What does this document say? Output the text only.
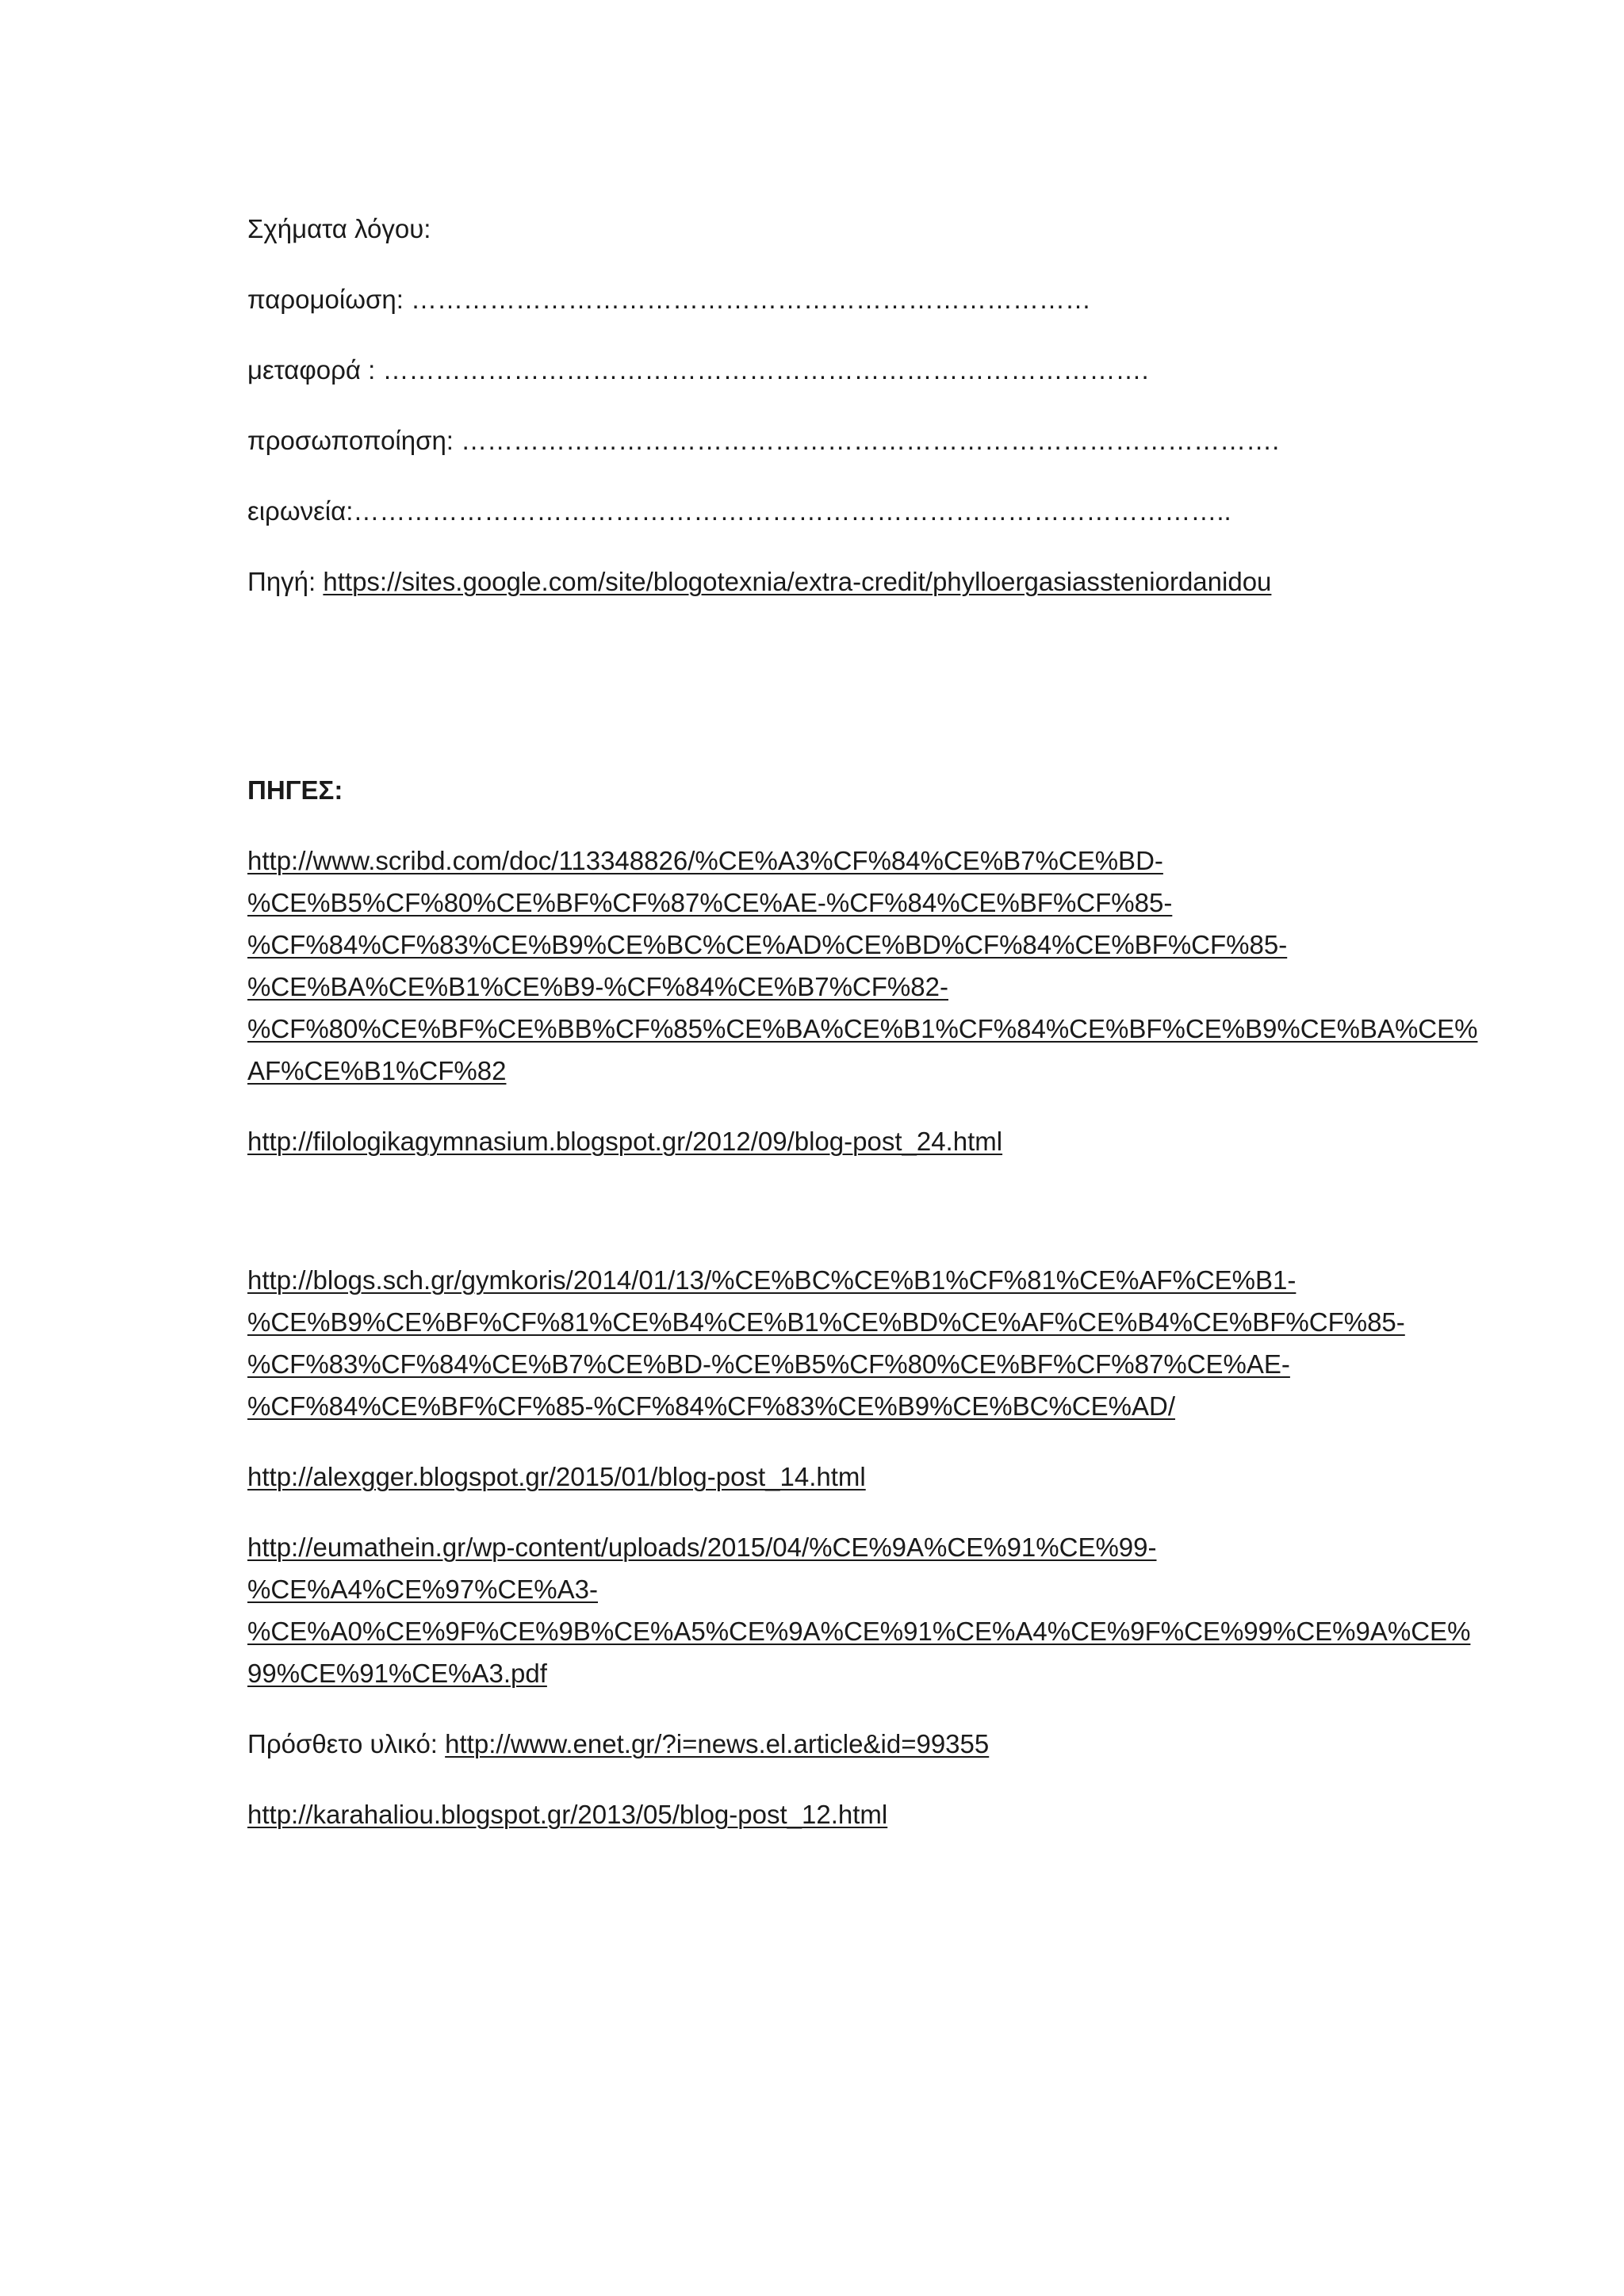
Σχήματα λόγου:

παρομοίωση: ……………………………………………………………………

μεταφορά : …………………………………………………………………………….

προσωποποίηση: ………………………………………………………………………………….

ειρωνεία:………………………………………………………………………………………..

Πηγή: https://sites.google.com/site/blogotexnia/extra-credit/phylloergasiassteniordanidou

ΠΗΓΕΣ:

http://www.scribd.com/doc/113348826/%CE%A3%CF%84%CE%B7%CE%BD-
%CE%B5%CF%80%CE%BF%CF%87%CE%AE-%CF%84%CE%BF%CF%85-
%CF%84%CF%83%CE%B9%CE%BC%CE%AD%CE%BD%CF%84%CE%BF%CF%85-
%CE%BA%CE%B1%CE%B9-%CF%84%CE%B7%CF%82-
%CF%80%CE%BF%CE%BB%CF%85%CE%BA%CE%B1%CF%84%CE%BF%CE%B9%CE%BA%CE%
AF%CE%B1%CF%82

http://filologikagymnasium.blogspot.gr/2012/09/blog-post_24.html

http://blogs.sch.gr/gymkoris/2014/01/13/%CE%BC%CE%B1%CF%81%CE%AF%CE%B1-
%CE%B9%CE%BF%CF%81%CE%B4%CE%B1%CE%BD%CE%AF%CE%B4%CE%BF%CF%85-
%CF%83%CF%84%CE%B7%CE%BD-%CE%B5%CF%80%CE%BF%CF%87%CE%AE-
%CF%84%CE%BF%CF%85-%CF%84%CF%83%CE%B9%CE%BC%CE%AD/

http://alexgger.blogspot.gr/2015/01/blog-post_14.html

http://eumathein.gr/wp-content/uploads/2015/04/%CE%9A%CE%91%CE%99-
%CE%A4%CE%97%CE%A3-
%CE%A0%CE%9F%CE%9B%CE%A5%CE%9A%CE%91%CE%A4%CE%9F%CE%99%CE%9A%CE%
99%CE%91%CE%A3.pdf

Πρόσθετο υλικό: http://www.enet.gr/?i=news.el.article&id=99355

http://karahaliou.blogspot.gr/2013/05/blog-post_12.html
